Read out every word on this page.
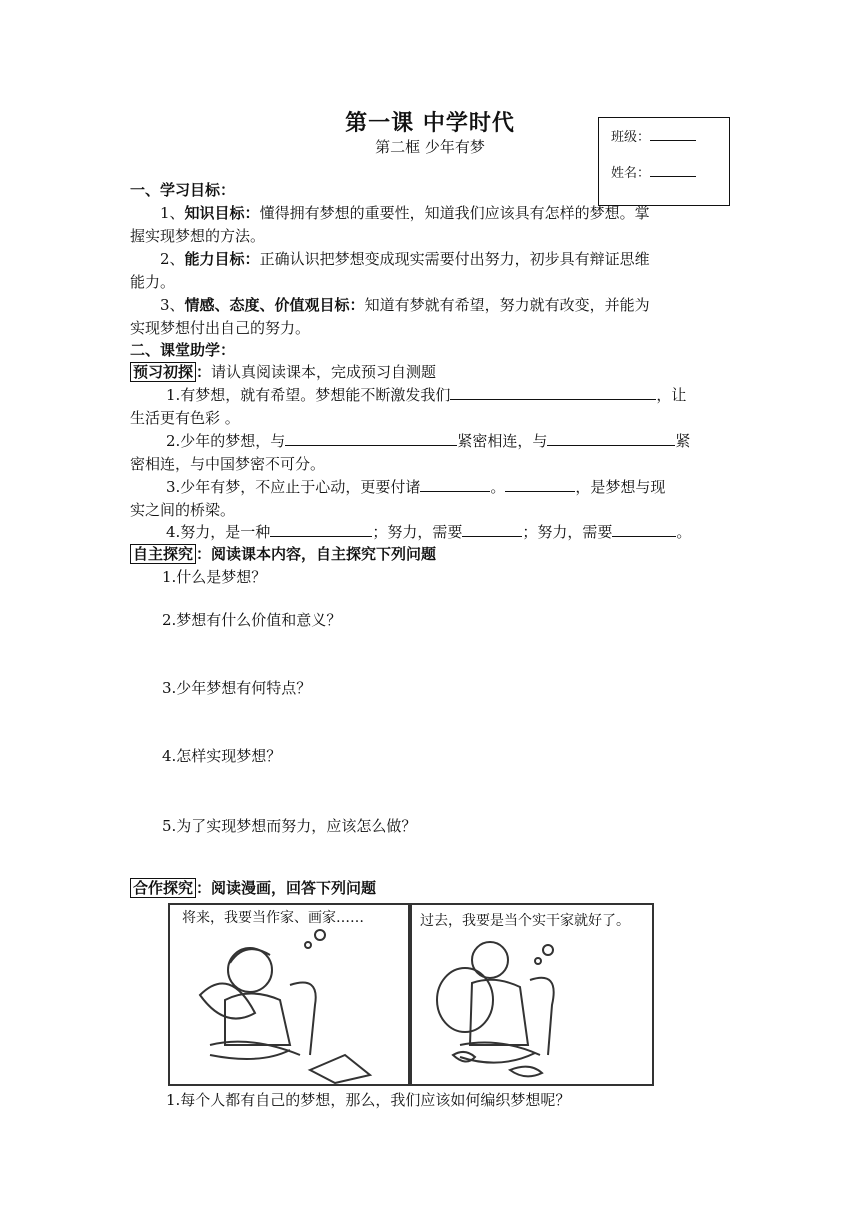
第一课 中学时代
第二框 少年有梦
班级：
姓名：
一、学习目标：
1、知识目标：懂得拥有梦想的重要性，知道我们应该具有怎样的梦想。掌
握实现梦想的方法。
2、能力目标：正确认识把梦想变成现实需要付出努力，初步具有辩证思维
能力。
3、情感、态度、价值观目标：知道有梦就有希望，努力就有改变，并能为
实现梦想付出自己的努力。
二、课堂助学：
预习初探 ：请认真阅读课本，完成预习自测题
1.有梦想，就有希望。梦想能不断激发我们	，让
生活更有色彩 。
2.少年的梦想，与	紧密相连，与	紧
密相连，与中国梦密不可分。
3.少年有梦，不应止于心动，更要付诸	。	，是梦想与现
实之间的桥梁。
4.努力，是一种	；努力，需要	；努力，需要	。
自主探究 ：阅读课本内容，自主探究下列问题
1.什么是梦想？
2.梦想有什么价值和意义？
3.少年梦想有何特点？
4.怎样实现梦想？
5.为了实现梦想而努力，应该怎么做？
合作探究 ：阅读漫画，回答下列问题
将来，我要当作家、画家……	过去，我要是当个实干家就好了。
1.每个人都有自己的梦想，那么，我们应该如何编织梦想呢？
